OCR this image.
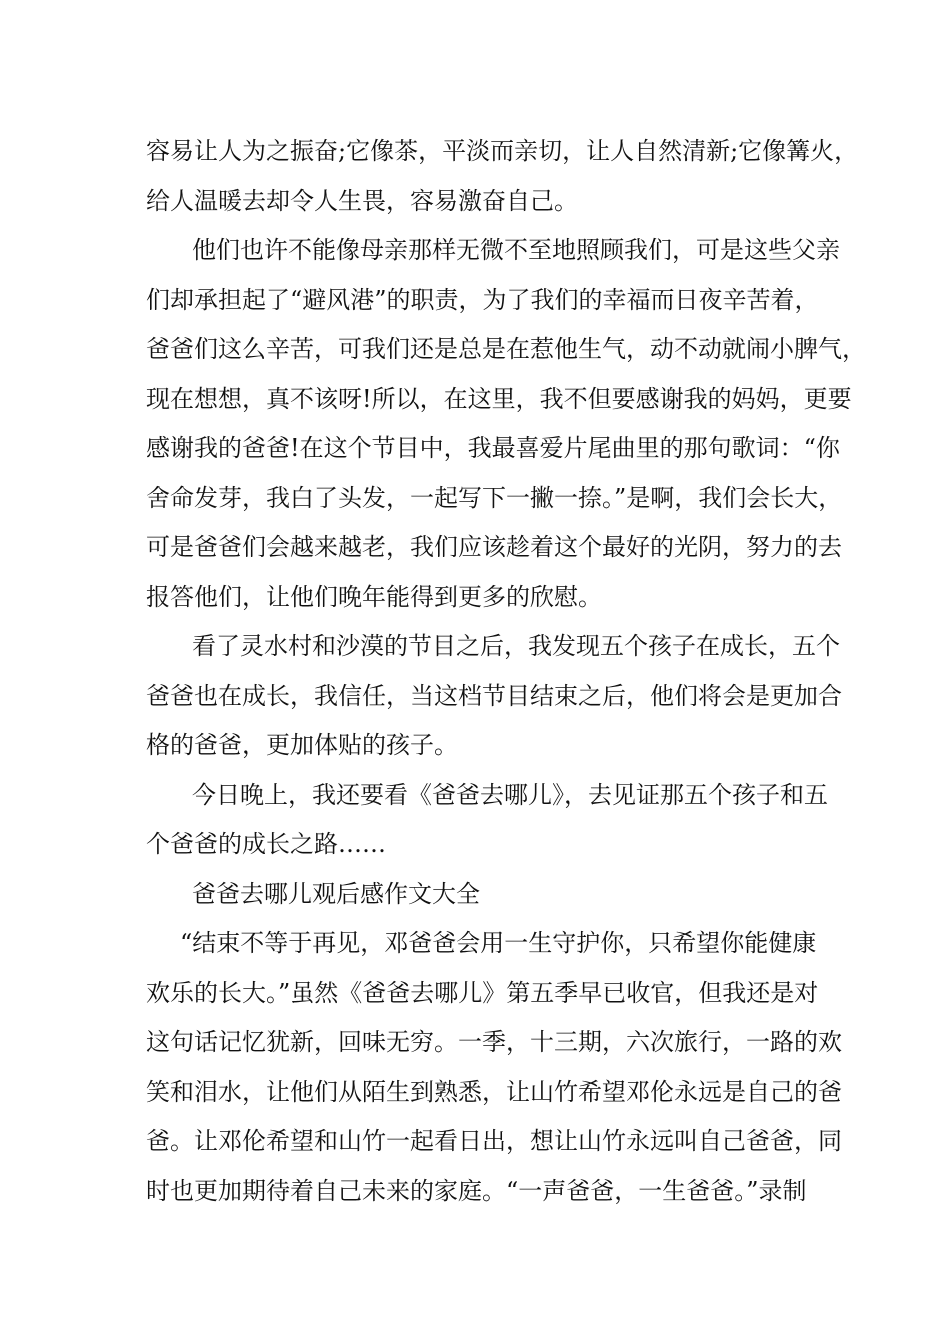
容易让人为之振奋;它像茶，平淡而亲切，让人自然清新;它像篝火，
给人温暖去却令人生畏，容易激奋自己。
他们也许不能像母亲那样无微不至地照顾我们，可是这些父亲
们却承担起了“避风港”的职责，为了我们的幸福而日夜辛苦着，
爸爸们这么辛苦，可我们还是总是在惹他生气，动不动就闹小脾气，
现在想想，真不该呀!所以，在这里，我不但要感谢我的妈妈，更要
感谢我的爸爸!在这个节目中，我最喜爱片尾曲里的那句歌词：“你
舍命发芽，我白了头发，一起写下一撇一捺。”是啊，我们会长大，
可是爸爸们会越来越老，我们应该趁着这个最好的光阴，努力的去
报答他们，让他们晚年能得到更多的欣慰。
看了灵水村和沙漠的节目之后，我发现五个孩子在成长，五个
爸爸也在成长，我信任，当这档节目结束之后，他们将会是更加合
格的爸爸，更加体贴的孩子。
今日晚上，我还要看《爸爸去哪儿》，去见证那五个孩子和五
个爸爸的成长之路……
爸爸去哪儿观后感作文大全
“结束不等于再见，邓爸爸会用一生守护你，只希望你能健康
欢乐的长大。”虽然《爸爸去哪儿》第五季早已收官，但我还是对
这句话记忆犹新，回味无穷。一季，十三期，六次旅行，一路的欢
笑和泪水，让他们从陌生到熟悉，让山竹希望邓伦永远是自己的爸
爸。让邓伦希望和山竹一起看日出，想让山竹永远叫自己爸爸，同
时也更加期待着自己未来的家庭。“一声爸爸，一生爸爸。”录制
